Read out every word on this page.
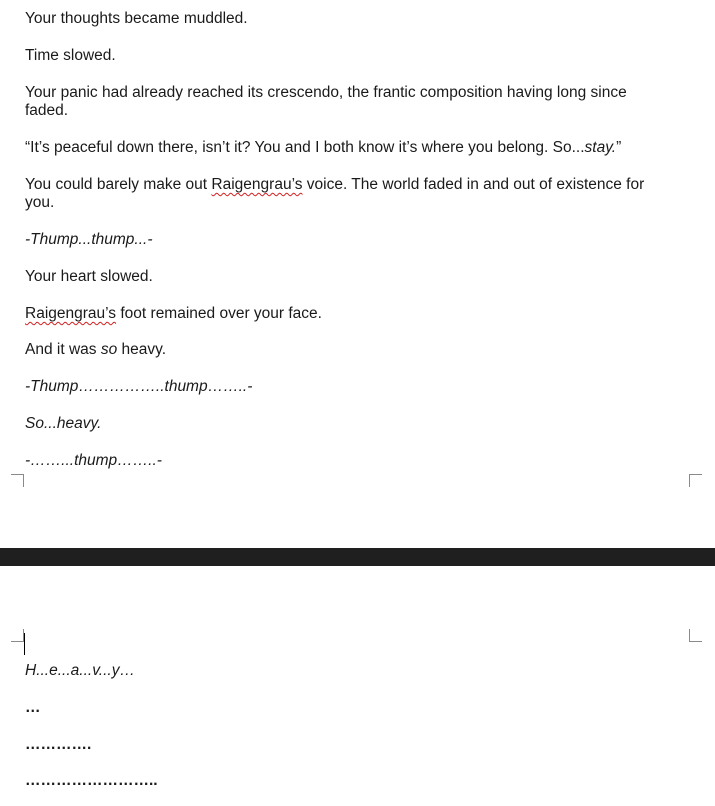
Your thoughts became muddled.

Time slowed.

Your panic had already reached its crescendo, the frantic composition having long since faded.

“It’s peaceful down there, isn’t it? You and I both know it’s where you belong. So...stay.”

You could barely make out Raigengrau’s voice. The world faded in and out of existence for you.

-Thump...thump...-

Your heart slowed.

Raigengrau’s foot remained over your face.

And it was so heavy.

-Thump……………..thump……..-

So...heavy.

-……...thump……..-

H...e...a...v...y…

…

………….

……………………..
